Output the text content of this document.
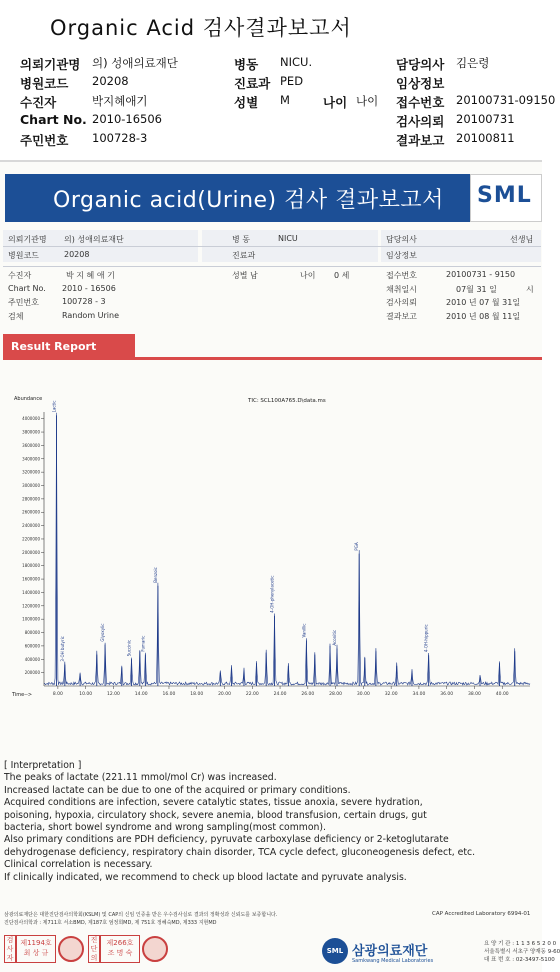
Organic Acid 검사결과보고서
의뢰기관명 의) 성애의료재단	병동 NICU.	담당의사 김은령
병원코드 20208	진료과 PED	임상정보
수진자	박지혜애기	성별 M	나이 나이 접수번호 20100731-09150
Chart No. 2010-16506	검사의뢰 20100731
주민번호 100728-3	결과보고 20100811
Organic acid(Urine) 검사 결과보고서 SML
의뢰기관명 의) 성애의료재단
병원코드	20208
병 동	NICU
진료과
담당의사	선생님
임상정보
수진자	박 지 혜 애 기
Chart No. 2010 - 16506
주민번호	100728 - 3
검체	Random Urine
성별 남	나이 0 세	접수번호	20100731 - 9150
채취일시	07월 31 일	시
검사의뢰	2010 년 07 월 31일
결과보고	2010 년 08 월 11일
Result Report
TIC: SCL100A765.D\data.ms
Abundance
Time-->
200000
400000
600000
800000
1000000
1200000
1400000
1600000
1800000
2000000
2200000
2400000
2600000
2800000
3000000
3200000
3400000
3600000
3800000
4000000
8.00	10.00	12.00	14.00	16.00	18.00	20.00	22.00	24.00	26.00	28.00	30.00	32.00	34.00	36.00	38.00	40.00
Lactic
3-OH butyric
Glyoxylic
Succinic Fumaric
Benzoic
4-OH-phenylacetic
Vanillic	Aconitic
PGA
4-OH-hippuric
[ Interpretation ]
The peaks of lactate (221.11 mmol/mol Cr) was increased.
Increased lactate can be due to one of the acquired or primary conditions.
Acquired conditions are infection, severe catalytic states, tissue anoxia, severe hydration,
poisoning, hypoxia, circulatory shock, severe anemia, blood transfusion, certain drugs, gut
bacteria, short bowel syndrome and wrong sampling(most common).
Also primary conditions are PDH deficiency, pyruvate carboxylase deficiency or 2-ketoglutarate
dehydrogenase deficiency, respiratory chain disorder, TCA cycle defect, gluconeogenesis defect, etc.
Clinical correlation is necessary.
If clinically indicated, we recommend to check up blood lactate and pyruvate analysis.
삼광의료재단은 대한진단검사의학회(KSLM) 및 CAP의 신임 인증을 받은 우수검사실로 결과의 정확성과 신뢰도를 보증합니다.
진단검사의학과 : 제711호 서소BMD, 제187호 엄정희MD, 제 751호 정혜숙MD, 제333 지현MD
CAP Accredited Laboratory 6994-01
검사자
제1194호
최 상 규
진단의
제266호
조 명 숙	SML 삼광의료재단
Samkwang Medical Laboratories
요 양 기 관 : 1 1 3 6 5 2 0 0
서울특별시 서초구 양재동 9-60
대 표 번 호 : 02-3497-5100
